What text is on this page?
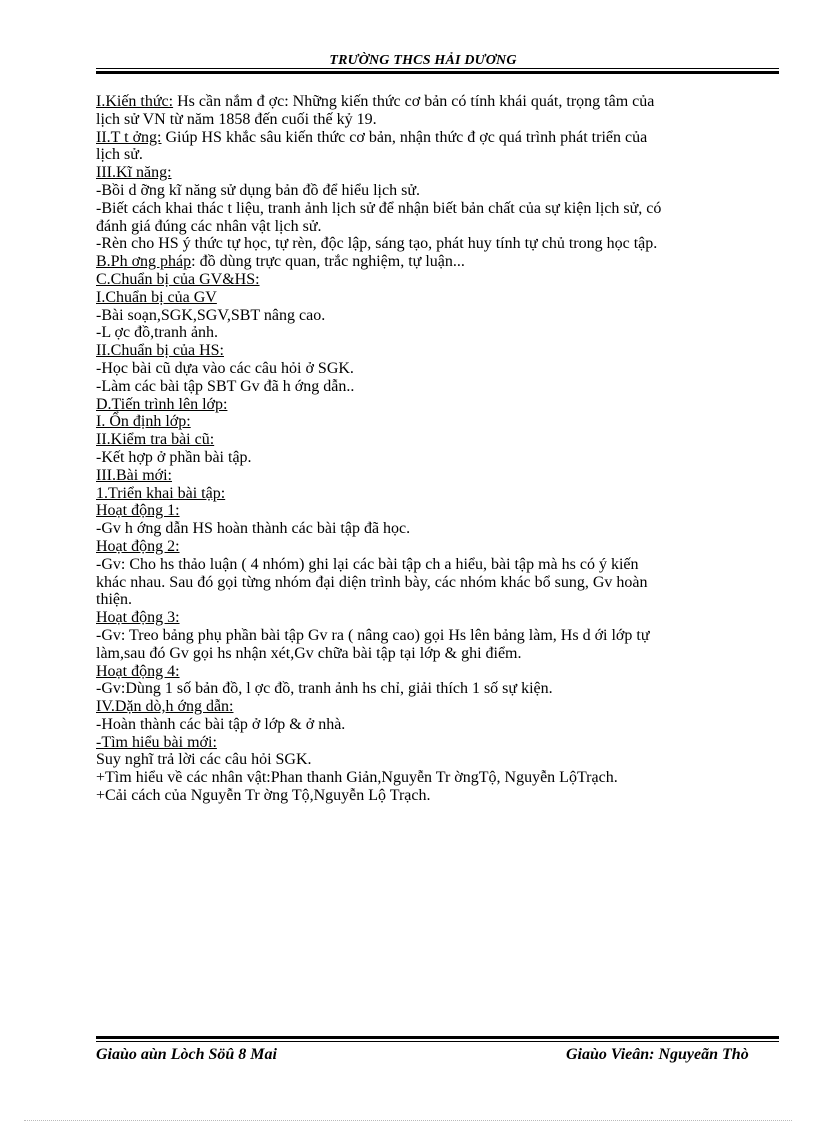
TRƯỜNG THCS HẢI DƯƠNG

I.Kiến thức: Hs cần nắm đ ợc: Những kiến thức cơ bản có tính khái quát, trọng tâm của

lịch sử VN từ năm 1858 đến cuối thế kỷ 19.

II.T t ởng: Giúp HS khắc sâu kiến thức cơ bản, nhận thức đ ợc quá trình phát triển của

lịch sử.

III.Kĩ năng:

-Bồi d ỡng kĩ năng sử dụng bản đồ để hiểu lịch sử.

-Biết cách khai thác t liệu, tranh ảnh lịch sử để nhận biết bản chất của sự kiện lịch sử, có

đánh giá đúng các nhân vật lịch sử.

-Rèn cho HS ý thức tự học, tự rèn, độc lập, sáng tạo, phát huy tính tự chủ trong học tập.

B.Ph ơng pháp: đồ dùng trực quan, trắc nghiệm, tự luận...

C.Chuẩn bị của GV&HS:

I.Chuẩn bị của GV

-Bài soạn,SGK,SGV,SBT nâng cao.

-L ợc đồ,tranh ảnh.

II.Chuẩn bị của HS:

-Học bài cũ dựa vào các câu hỏi ở SGK.

-Làm các bài tập SBT Gv đã h ớng dẫn..

D.Tiến trình lên lớp:

I. Ổn định lớp:

II.Kiểm tra bài cũ:

-Kết hợp ở phần bài tập.

III.Bài mới:

1.Triển khai bài tập:

Hoạt động 1:

-Gv h ớng dẫn HS hoàn thành các bài tập đã học.

Hoạt động 2:

-Gv: Cho hs thảo luận ( 4 nhóm) ghi lại các bài tập ch a hiểu, bài tập mà hs có ý kiến

khác nhau. Sau đó gọi từng nhóm đại diện trình bày, các nhóm khác bổ sung, Gv hoàn

thiện.

Hoạt động 3:

-Gv: Treo bảng phụ phần bài tập Gv ra ( nâng cao) gọi Hs lên bảng làm, Hs d ới lớp tự

làm,sau đó Gv gọi hs nhận xét,Gv chữa bài tập tại lớp & ghi điểm.

Hoạt động 4:

-Gv:Dùng 1 số bản đồ, l ợc đồ, tranh ảnh hs chỉ, giải thích 1 số sự kiện.

IV.Dặn dò,h ớng dẫn:

-Hoàn thành các bài tập ở lớp & ở nhà.

-Tìm hiểu bài mới:

Suy nghĩ trả lời các câu hỏi SGK.

+Tìm hiểu về các nhân vật:Phan thanh Giản,Nguyễn Tr ờngTộ, Nguyễn LộTrạch.

+Cải cách của Nguyễn Tr ờng Tộ,Nguyễn Lộ Trạch.

Giaùo aùn Lòch Söû 8 Mai	Giaùo Vieân: Nguyeãn Thò
